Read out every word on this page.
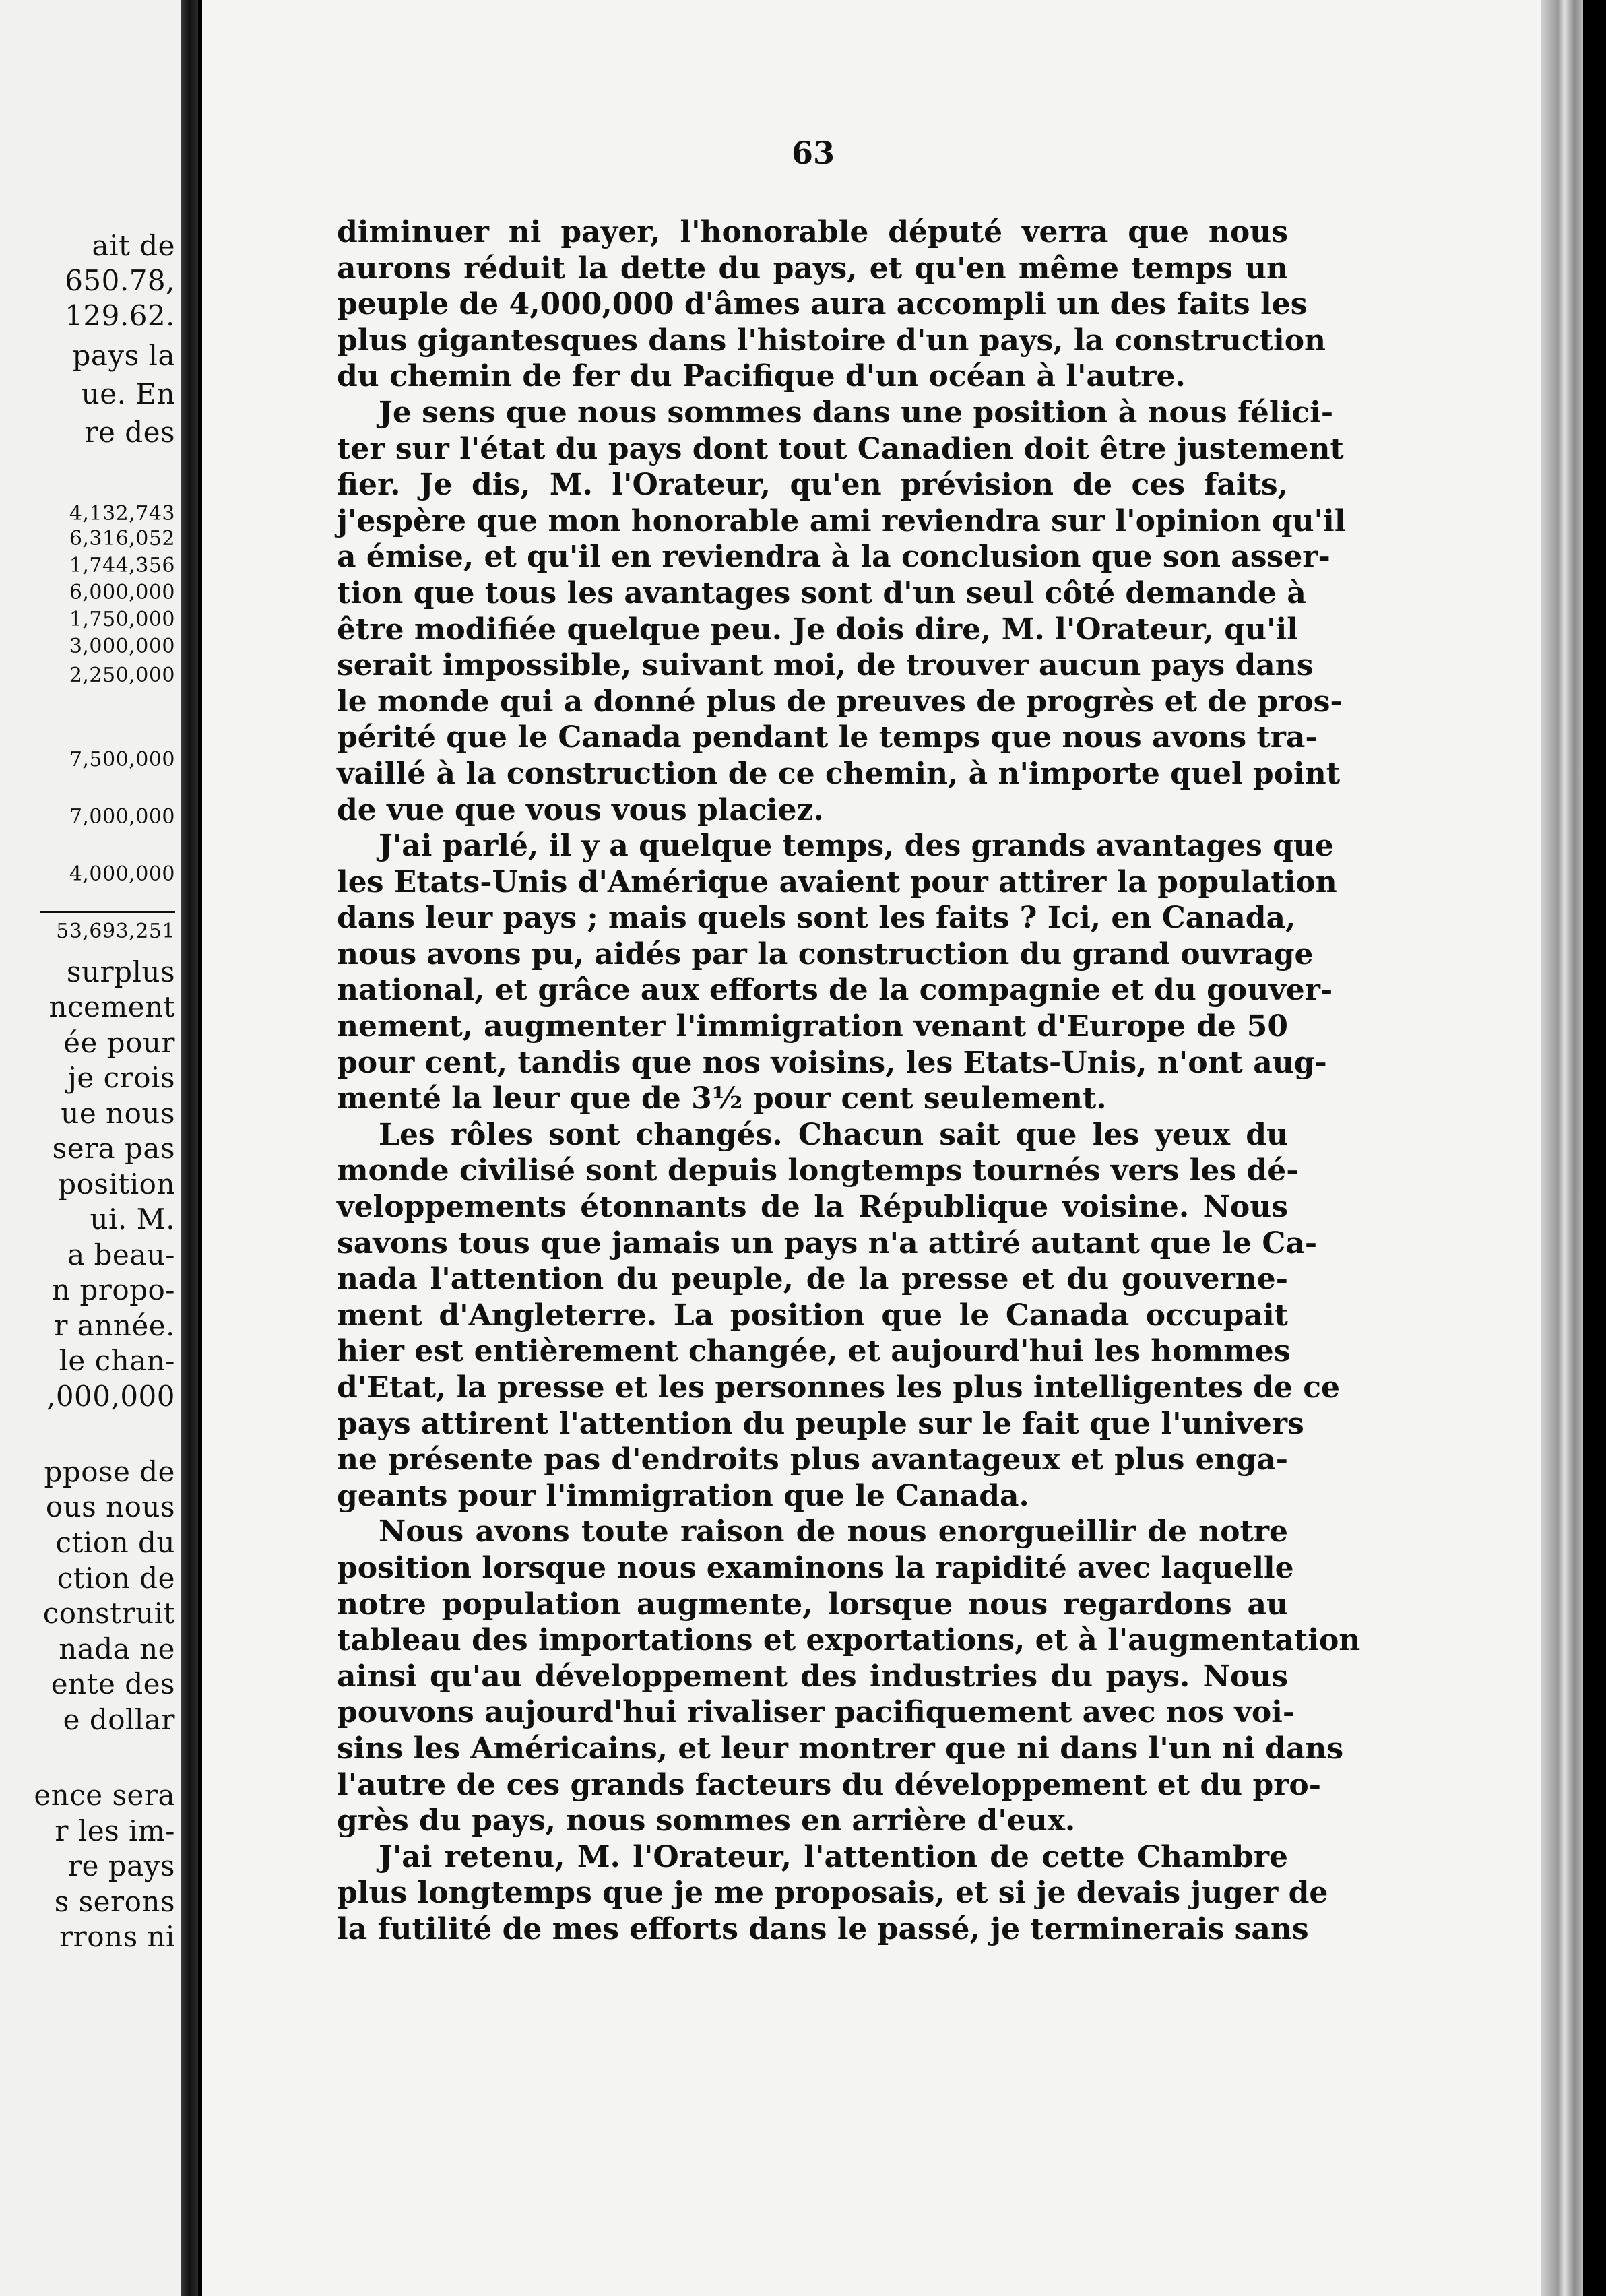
ait de
650.78,
129.62.
pays la
ue. En
re des
4,132,743
6,316,052
1,744,356
6,000,000
1,750,000
3,000,000
2,250,000
7,500,000
7,000,000
4,000,000
53,693,251
surplus
ncement
ée pour
je crois
ue nous
sera pas
position
ui. M.
a beau-
n propo-
r année.
le chan-
,000,000
ppose de
ous nous
ction du
ction de
construit
nada ne
ente des
e dollar
ence sera
r les im-
re pays
s serons
rrons ni
63
diminuer ni payer, l'honorable député verra que nous
aurons réduit la dette du pays, et qu'en même temps un
peuple de 4,000,000 d'âmes aura accompli un des faits les
plus gigantesques dans l'histoire d'un pays, la construction
du chemin de fer du Pacifique d'un océan à l'autre.
Je sens que nous sommes dans une position à nous félici-
ter sur l'état du pays dont tout Canadien doit être justement
fier. Je dis, M. l'Orateur, qu'en prévision de ces faits,
j'espère que mon honorable ami reviendra sur l'opinion qu'il
a émise, et qu'il en reviendra à la conclusion que son asser-
tion que tous les avantages sont d'un seul côté demande à
être modifiée quelque peu. Je dois dire, M. l'Orateur, qu'il
serait impossible, suivant moi, de trouver aucun pays dans
le monde qui a donné plus de preuves de progrès et de pros-
périté que le Canada pendant le temps que nous avons tra-
vaillé à la construction de ce chemin, à n'importe quel point
de vue que vous vous placiez.
J'ai parlé, il y a quelque temps, des grands avantages que
les Etats-Unis d'Amérique avaient pour attirer la population
dans leur pays ; mais quels sont les faits ? Ici, en Canada,
nous avons pu, aidés par la construction du grand ouvrage
national, et grâce aux efforts de la compagnie et du gouver-
nement, augmenter l'immigration venant d'Europe de 50
pour cent, tandis que nos voisins, les Etats-Unis, n'ont aug-
menté la leur que de 3½ pour cent seulement.
Les rôles sont changés. Chacun sait que les yeux du
monde civilisé sont depuis longtemps tournés vers les dé-
veloppements étonnants de la République voisine. Nous
savons tous que jamais un pays n'a attiré autant que le Ca-
nada l'attention du peuple, de la presse et du gouverne-
ment d'Angleterre. La position que le Canada occupait
hier est entièrement changée, et aujourd'hui les hommes
d'Etat, la presse et les personnes les plus intelligentes de ce
pays attirent l'attention du peuple sur le fait que l'univers
ne présente pas d'endroits plus avantageux et plus enga-
geants pour l'immigration que le Canada.
Nous avons toute raison de nous enorgueillir de notre
position lorsque nous examinons la rapidité avec laquelle
notre population augmente, lorsque nous regardons au
tableau des importations et exportations, et à l'augmentation
ainsi qu'au développement des industries du pays. Nous
pouvons aujourd'hui rivaliser pacifiquement avec nos voi-
sins les Américains, et leur montrer que ni dans l'un ni dans
l'autre de ces grands facteurs du développement et du pro-
grès du pays, nous sommes en arrière d'eux.
J'ai retenu, M. l'Orateur, l'attention de cette Chambre
plus longtemps que je me proposais, et si je devais juger de
la futilité de mes efforts dans le passé, je terminerais sans
